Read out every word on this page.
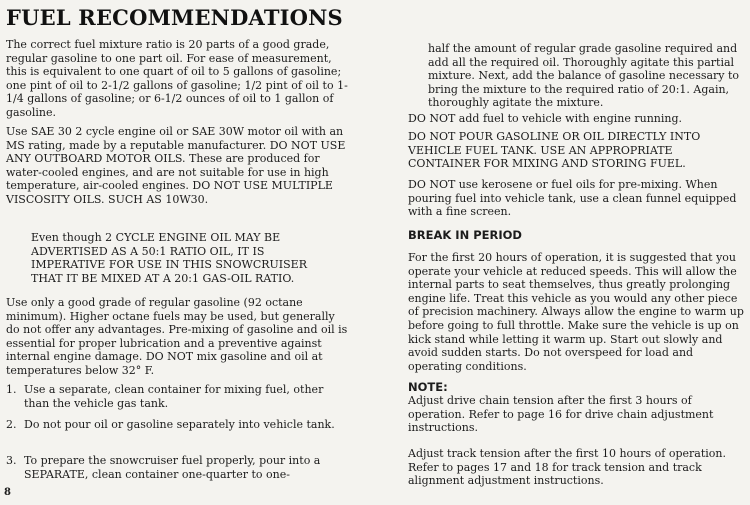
FUEL RECOMMENDATIONS

The correct fuel mixture ratio is 20 parts of a good grade, regular gasoline to one part oil. For ease of measurement, this is equivalent to one quart of oil to 5 gallons of gasoline; one pint of oil to 2-1/2 gallons of gasoline; 1/2 pint of oil to 1-1/4 gallons of gasoline; or 6-1/2 ounces of oil to 1 gallon of gasoline.

Use SAE 30 2 cycle engine oil or SAE 30W motor oil with an MS rating, made by a reputable manufacturer. DO NOT USE ANY OUTBOARD MOTOR OILS. These are produced for water-cooled engines, and are not suitable for use in high temperature, air-cooled engines. DO NOT USE MULTIPLE VISCOSITY OILS. SUCH AS 10W30.

Even though 2 CYCLE ENGINE OIL MAY BE ADVERTISED AS A 50:1 RATIO OIL, IT IS IMPERATIVE FOR USE IN THIS SNOWCRUISER THAT IT BE MIXED AT A 20:1 GAS-OIL RATIO.

Use only a good grade of regular gasoline (92 octane minimum). Higher octane fuels may be used, but generally do not offer any advantages. Pre-mixing of gasoline and oil is essential for proper lubrication and a preventive against internal engine damage. DO NOT mix gasoline and oil at temperatures below 32° F.

1. Use a separate, clean container for mixing fuel, other than the vehicle gas tank.

2. Do not pour oil or gasoline separately into vehicle tank.

3. To prepare the snowcruiser fuel properly, pour into a SEPARATE, clean container one-quarter to one-

8

half the amount of regular grade gasoline required and add all the required oil. Thoroughly agitate this partial mixture. Next, add the balance of gasoline necessary to bring the mixture to the required ratio of 20:1. Again, thoroughly agitate the mixture.

DO NOT add fuel to vehicle with engine running.

DO NOT POUR GASOLINE OR OIL DIRECTLY INTO VEHICLE FUEL TANK. USE AN APPROPRIATE CONTAINER FOR MIXING AND STORING FUEL.

DO NOT use kerosene or fuel oils for pre-mixing. When pouring fuel into vehicle tank, use a clean funnel equipped with a fine screen.

BREAK IN PERIOD

For the first 20 hours of operation, it is suggested that you operate your vehicle at reduced speeds. This will allow the internal parts to seat themselves, thus greatly prolonging engine life. Treat this vehicle as you would any other piece of precision machinery. Always allow the engine to warm up before going to full throttle. Make sure the vehicle is up on kick stand while letting it warm up. Start out slowly and avoid sudden starts. Do not overspeed for load and operating conditions.

NOTE:

Adjust drive chain tension after the first 3 hours of operation. Refer to page 16 for drive chain adjustment instructions.

Adjust track tension after the first 10 hours of operation. Refer to pages 17 and 18 for track tension and track alignment adjustment instructions.
